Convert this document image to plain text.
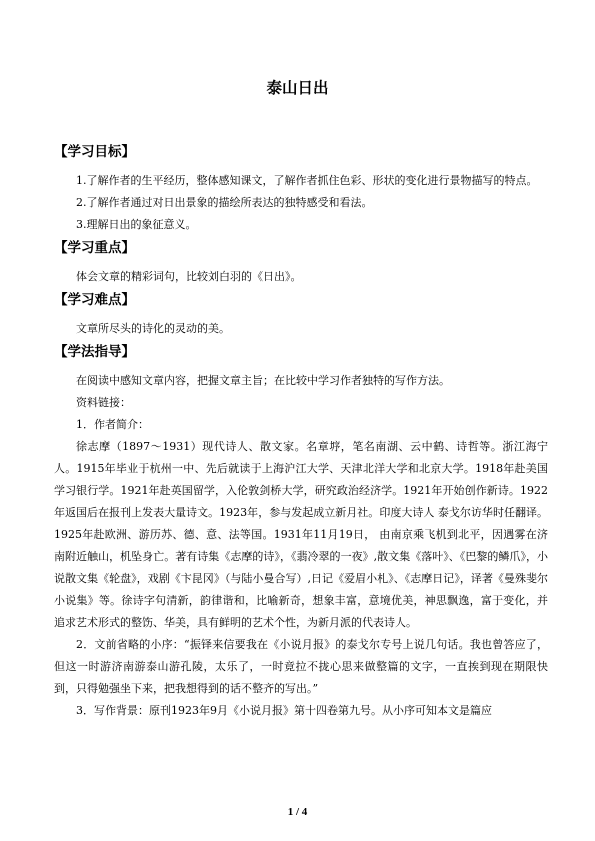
泰山日出
【学习目标】

1.了解作者的生平经历，整体感知课文，了解作者抓住色彩、形状的变化进行景物描写的特点。

2.了解作者通过对日出景象的描绘所表达的独特感受和看法。

3.理解日出的象征意义。

【学习重点】

体会文章的精彩词句，比较刘白羽的《日出》。

【学习难点】

文章所尽头的诗化的灵动的美。

【学法指导】

在阅读中感知文章内容，把握文章主旨；在比较中学习作者独特的写作方法。

资料链接：

1．作者简介：

徐志摩（1897～1931）现代诗人、散文家。名章垿，笔名南湖、云中鹤、诗哲等。浙江海宁人。1915年毕业于杭州一中、先后就读于上海沪江大学、天津北洋大学和北京大学。1918年赴美国学习银行学。1921年赴英国留学，入伦敦剑桥大学，研究政治经济学。1921年开始创作新诗。1922年返国后在报刊上发表大量诗文。1923年，参与发起成立新月社。印度大诗人 泰戈尔访华时任翻译。1925年赴欧洲、游历苏、德、意、法等国。1931年11月19日， 由南京乘飞机到北平，因遇雾在济南附近触山，机坠身亡。著有诗集《志摩的诗》，《翡冷翠的一夜》,散文集《落叶》、《巴黎的鳞爪》，小说散文集《轮盘》，戏剧《卞昆冈》（与陆小曼合写）,日记《爱眉小札》、《志摩日记》，译著《曼殊斐尔小说集》等。徐诗字句清新，韵律谐和，比喻新奇，想象丰富，意境优美，神思飘逸，富于变化，并追求艺术形式的整饬、华美，具有鲜明的艺术个性，为新月派的代表诗人。

2．文前省略的小序：“振铎来信要我在《小说月报》的泰戈尔专号上说几句话。我也曾答应了，但这一时游济南游泰山游孔陵，太乐了，一时竟拉不拢心思来做整篇的文字，一直挨到现在期限快到，只得勉强坐下来，把我想得到的话不整齐的写出。”

3．写作背景：原刊1923年9月《小说月报》第十四卷第九号。从小序可知本文是篇应

1 / 4
